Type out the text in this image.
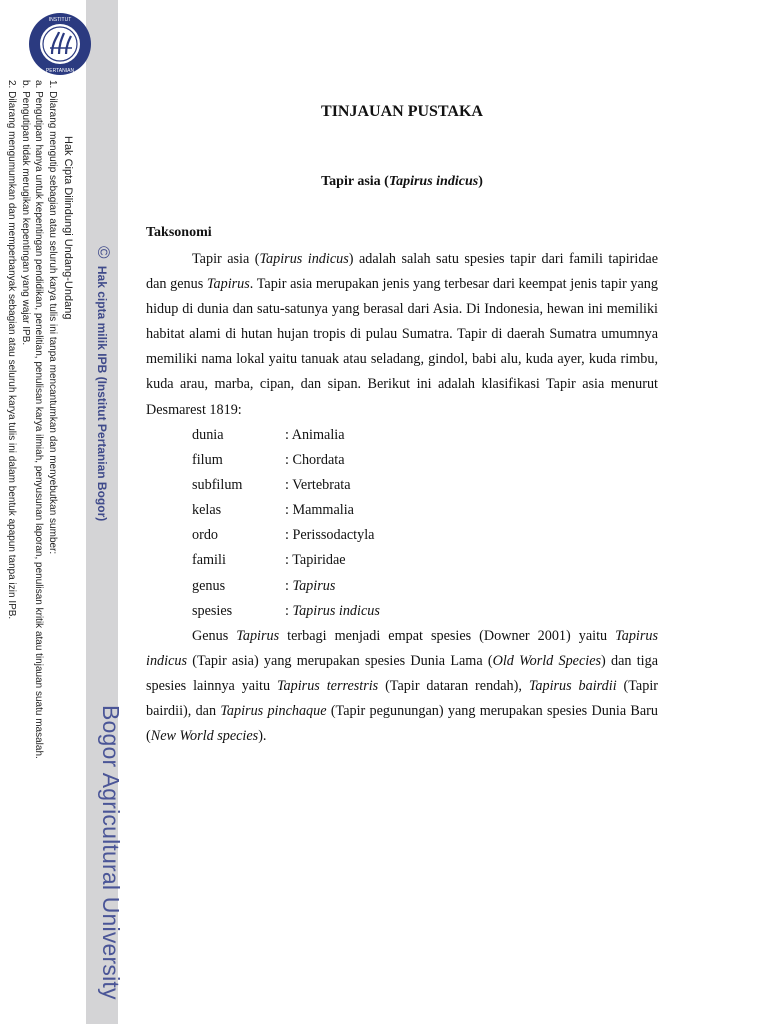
INSTITUT
PERTANIAN
Hak Cipta Dilindungi Undang-Undang
1. Dilarang mengutip sebagian atau seluruh karya tulis ini tanpa mencantumkan dan menyebutkan sumber:
a. Pengutipan hanya untuk kepentingan pendidikan, penelitian, penulisan karya ilmiah, penyusunan laporan, penulisan kritik atau tinjauan suatu masalah.
b. Pengutipan tidak merugikan kepentingan yang wajar IPB.
2. Dilarang mengumumkan dan memperbanyak sebagian atau seluruh karya tulis ini dalam bentuk apapun tanpa izin IPB.	© Hak cipta milik IPB (Institut Pertanian Bogor)
Bogor Agricultural University
TINJAUAN PUSTAKA
Tapir asia (Tapirus indicus)
Taksonomi
Tapir asia (Tapirus indicus) adalah salah satu spesies tapir dari famili tapiridae dan genus Tapirus. Tapir asia merupakan jenis yang terbesar dari keempat jenis tapir yang hidup di dunia dan satu-satunya yang berasal dari Asia. Di Indonesia, hewan ini memiliki habitat alami di hutan hujan tropis di pulau Sumatra. Tapir di daerah Sumatra umumnya memiliki nama lokal yaitu tanuak atau seladang, gindol, babi alu, kuda ayer, kuda rimbu, kuda arau, marba, cipan, dan sipan. Berikut ini adalah klasifikasi Tapir asia menurut Desmarest 1819:
dunia	: Animalia
filum	: Chordata
subfilum	: Vertebrata
kelas	: Mammalia
ordo	: Perissodactyla
famili	: Tapiridae
genus	: Tapirus
spesies	: Tapirus indicus
Genus Tapirus terbagi menjadi empat spesies (Downer 2001) yaitu Tapirus indicus (Tapir asia) yang merupakan spesies Dunia Lama (Old World Species) dan tiga spesies lainnya yaitu Tapirus terrestris (Tapir dataran rendah), Tapirus bairdii (Tapir bairdii), dan Tapirus pinchaque (Tapir pegunungan) yang merupakan spesies Dunia Baru (New World species).
